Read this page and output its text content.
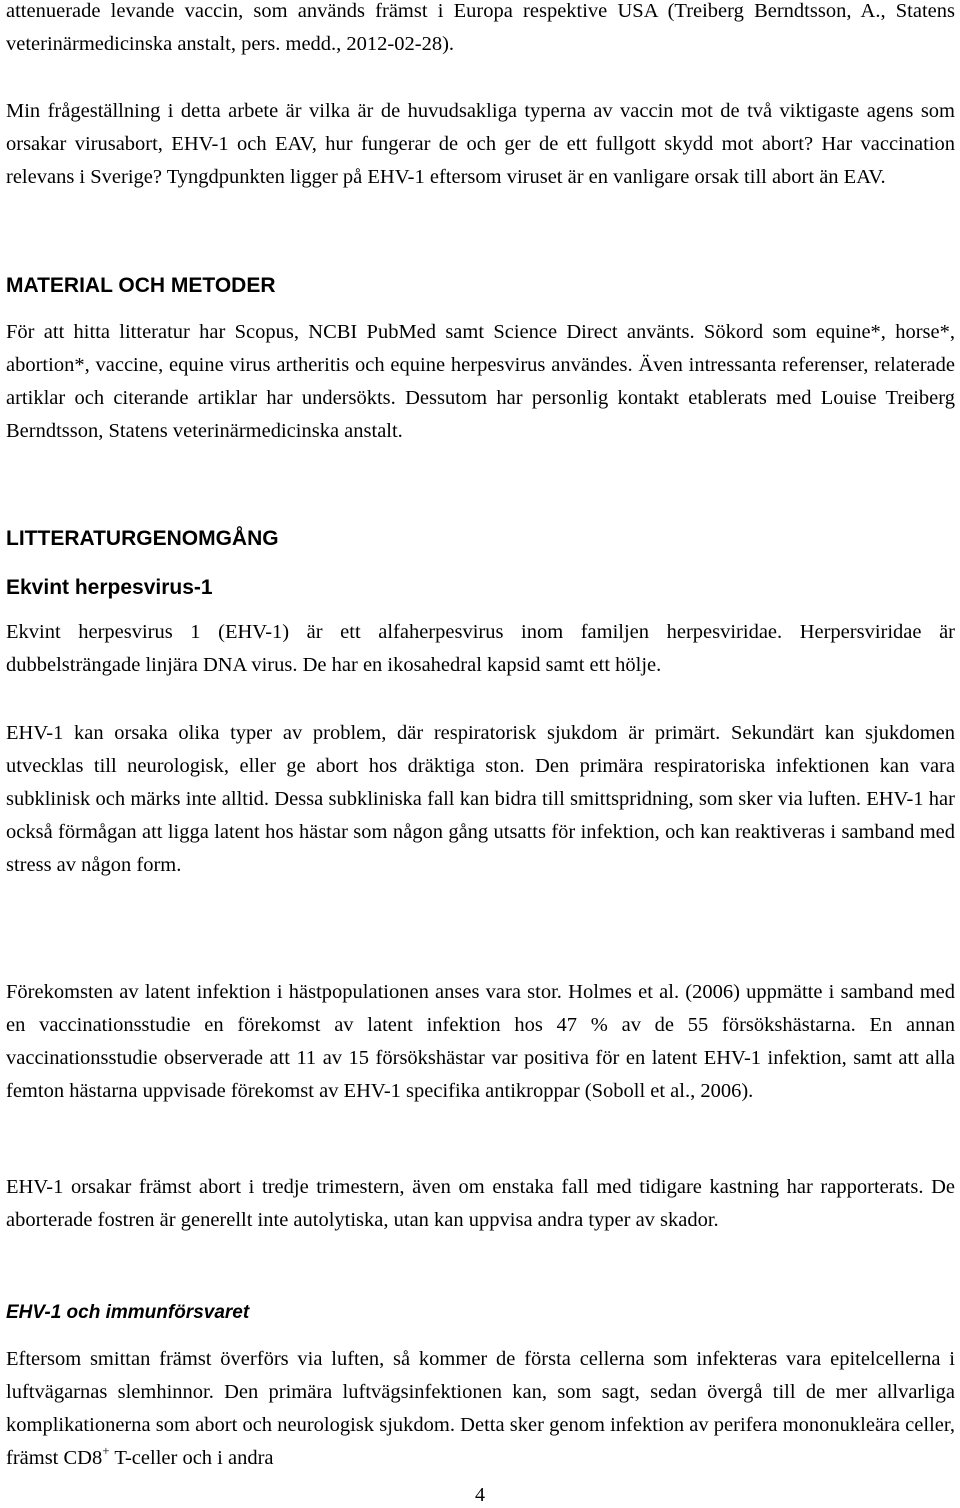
attenuerade levande vaccin, som används främst i Europa respektive USA (Treiberg Berndtsson, A., Statens veterinärmedicinska anstalt, pers. medd., 2012-02-28).

Min frågeställning i detta arbete är vilka är de huvudsakliga typerna av vaccin mot de två viktigaste agens som orsakar virusabort, EHV-1 och EAV, hur fungerar de och ger de ett fullgott skydd mot abort? Har vaccination relevans i Sverige? Tyngdpunkten ligger på EHV-1 eftersom viruset är en vanligare orsak till abort än EAV.

MATERIAL OCH METODER

För att hitta litteratur har Scopus, NCBI PubMed samt Science Direct använts. Sökord som equine*, horse*, abortion*, vaccine, equine virus artheritis och equine herpesvirus användes. Även intressanta referenser, relaterade artiklar och citerande artiklar har undersökts. Dessutom har personlig kontakt etablerats med Louise Treiberg Berndtsson, Statens veterinärmedicinska anstalt.

LITTERATURGENOMGÅNG
Ekvint herpesvirus-1

Ekvint herpesvirus 1 (EHV-1) är ett alfaherpesvirus inom familjen herpesviridae. Herpersviridae är dubbelsträngade linjära DNA virus. De har en ikosahedral kapsid samt ett hölje.

EHV-1 kan orsaka olika typer av problem, där respiratorisk sjukdom är primärt. Sekundärt kan sjukdomen utvecklas till neurologisk, eller ge abort hos dräktiga ston. Den primära respiratoriska infektionen kan vara subklinisk och märks inte alltid. Dessa subkliniska fall kan bidra till smittspridning, som sker via luften. EHV-1 har också förmågan att ligga latent hos hästar som någon gång utsatts för infektion, och kan reaktiveras i samband med stress av någon form.

Förekomsten av latent infektion i hästpopulationen anses vara stor. Holmes et al. (2006) uppmätte i samband med en vaccinationsstudie en förekomst av latent infektion hos 47 % av de 55 försökshästarna. En annan vaccinationsstudie observerade att 11 av 15 försökshästar var positiva för en latent EHV-1 infektion, samt att alla femton hästarna uppvisade förekomst av EHV-1 specifika antikroppar (Soboll et al., 2006).

EHV-1 orsakar främst abort i tredje trimestern, även om enstaka fall med tidigare kastning har rapporterats. De aborterade fostren är generellt inte autolytiska, utan kan uppvisa andra typer av skador.

EHV-1 och immunförsvaret

Eftersom smittan främst överförs via luften, så kommer de första cellerna som infekteras vara epitelcellerna i luftvägarnas slemhinnor. Den primära luftvägsinfektionen kan, som sagt, sedan övergå till de mer allvarliga komplikationerna som abort och neurologisk sjukdom. Detta sker genom infektion av perifera mononukleära celler, främst CD8+ T-celler och i andra

4
